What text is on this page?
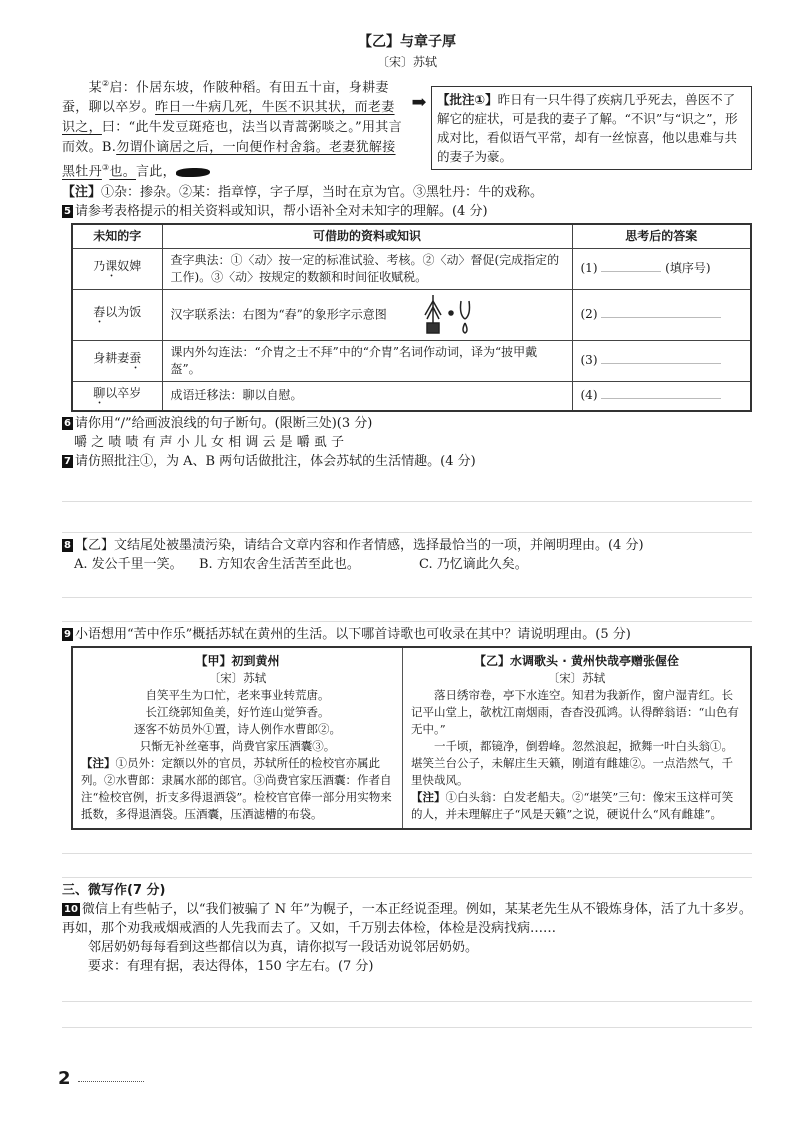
【乙】与章子厚
〔宋〕苏轼
  某②启：仆居东坡，作陂种稻。有田五十亩，身耕妻蚕，聊以卒岁。昨日一牛病几死，牛医不识其状，而老妻识之，曰：“此牛发豆斑疮也，法当以青蒿粥啖之。”用其言而效。B.勿谓仆谪居之后，一向便作村舍翁。老妻犹解接黑牡丹③也。言此，
➡ 【批注①】昨日有一只牛得了疾病几乎死去，兽医不了解它的症状，可是我的妻子了解。“不识”与“识之”，形成对比，看似语气平常，却有一丝惊喜，他以患难与共的妻子为豪。
【注】①杂：掺杂。②某：指章惇，字子厚，当时在京为官。③黑牡丹：牛的戏称。
5 请参考表格提示的相关资料或知识，帮小语补全对未知字的理解。(4 分)
未知的字	可借助的资料或知识	思考后的答案
乃课奴婢	查字典法：①〈动〉按一定的标准试验、考核。②〈动〉督促(完成指定的工作)。③〈动〉按规定的数额和时间征收赋税。	(1) (填序号)
舂以为饭	汉字联系法：右图为“舂”的象形字示意图	(2)
身耕妻蚕	课内外勾连法：“介胄之士不拜”中的“介胄”名词作动词，译为“披甲戴盔”。	(3)
聊以卒岁	成语迁移法：聊以自慰。	(4)
6 请你用“/”给画波浪线的句子断句。(限断三处)(3 分)
嚼 之 啧 啧 有 声 小 儿 女 相 调 云 是 嚼 虱 子
7 请仿照批注①，为 A、B 两句话做批注，体会苏轼的生活情趣。(4 分)
8 【乙】文结尾处被墨渍污染，请结合文章内容和作者情感，选择最恰当的一项，并阐明理由。(4 分)
A. 发公千里一笑。 B. 方知农舍生活苦至此也。	C. 乃忆谪此久矣。
9 小语想用“苦中作乐”概括苏轼在黄州的生活。以下哪首诗歌也可收录在其中？请说明理由。(5 分)
【甲】初到黄州
〔宋〕苏轼
自笑平生为口忙，老来事业转荒唐。
长江绕郭知鱼美，好竹连山觉笋香。
逐客不妨员外①置，诗人例作水曹郎②。
只惭无补丝毫事，尚费官家压酒囊③。
【注】①员外：定额以外的官员，苏轼所任的检校官亦属此列。②水曹郎：隶属水部的郎官。③尚费官家压酒囊：作者自注“检校官例，折支多得退酒袋”。检校官官俸一部分用实物来抵数，多得退酒袋。压酒囊，压酒滤槽的布袋。
【乙】水调歌头 · 黄州快哉亭赠张偓佺
〔宋〕苏轼
落日绣帘卷，亭下水连空。知君为我新作，窗户湿青红。长记平山堂上，欹枕江南烟雨，杳杳没孤鸿。认得醉翁语：“山色有无中。”
一千顷，都镜净，倒碧峰。忽然浪起，掀舞一叶白头翁①。堪笑兰台公子，未解庄生天籁，刚道有雌雄②。一点浩然气，千里快哉风。
【注】①白头翁：白发老船夫。②“堪笑”三句：像宋玉这样可笑的人，并未理解庄子“风是天籁”之说，硬说什么“风有雌雄”。
三、微写作(7 分)
10 微信上有些帖子，以“我们被骗了 N 年”为幌子，一本正经说歪理。例如，某某老先生从不锻炼身体，活了九十多岁。再如，那个劝我戒烟戒酒的人先我而去了。又如，千万别去体检，体检是没病找病……
邻居奶奶每每看到这些都信以为真，请你拟写一段话劝说邻居奶奶。
要求：有理有据，表达得体，150 字左右。(7 分)
2
